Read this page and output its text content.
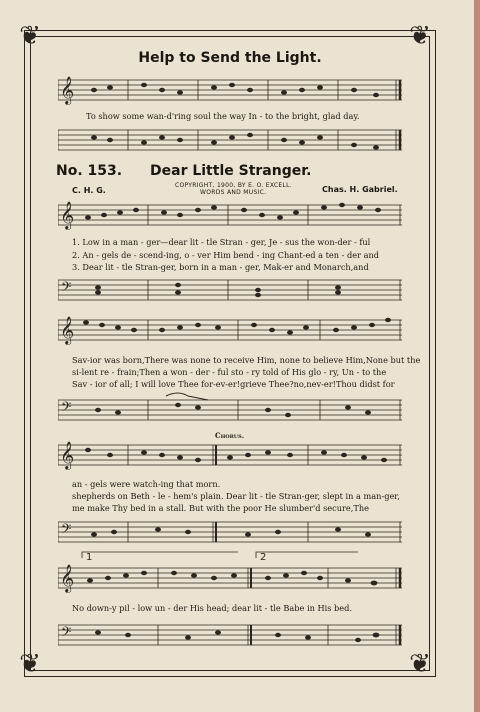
❦	❦
❦	❦
Help to Send the Light.
𝄞
To show some wan-d'ring soul the way In - to the bright, glad day.
No. 153. Dear Little Stranger.
COPYRIGHT, 1900, BY E. O. EXCELL.
WORDS AND MUSIC.
C. H. G.	Chas. H. Gabriel.
𝄞
1. Low in a man - ger—dear lit - tle Stran - ger, Je - sus the won-der - ful
2. An - gels de - scend-ing, o - ver Him bend - ing Chant-ed a ten - der and
3. Dear lit - tle Stran-ger, born in a man - ger, Mak-er and Monarch,and
𝄢
𝄞
Sav-ior was born,There was none to receive Him, none to believe Him,None but the
si-lent re - frain;Then a won - der - ful sto - ry told of His glo - ry, Un - to the
Sav - ior of all; I will love Thee for-ev-er!grieve Thee?no,nev-er!Thou didst for
𝄢
Chorus.
𝄞
an - gels were watch-ing that morn.
shepherds on Beth - le - hem's plain. Dear lit - tle Stran-ger, slept in a man-ger,
me make Thy bed in a stall. But with the poor He slumber'd secure,The
𝄢
1	2
𝄞
No down-y pil - low un - der His head; dear lit - tle Babe in His bed.
𝄢
